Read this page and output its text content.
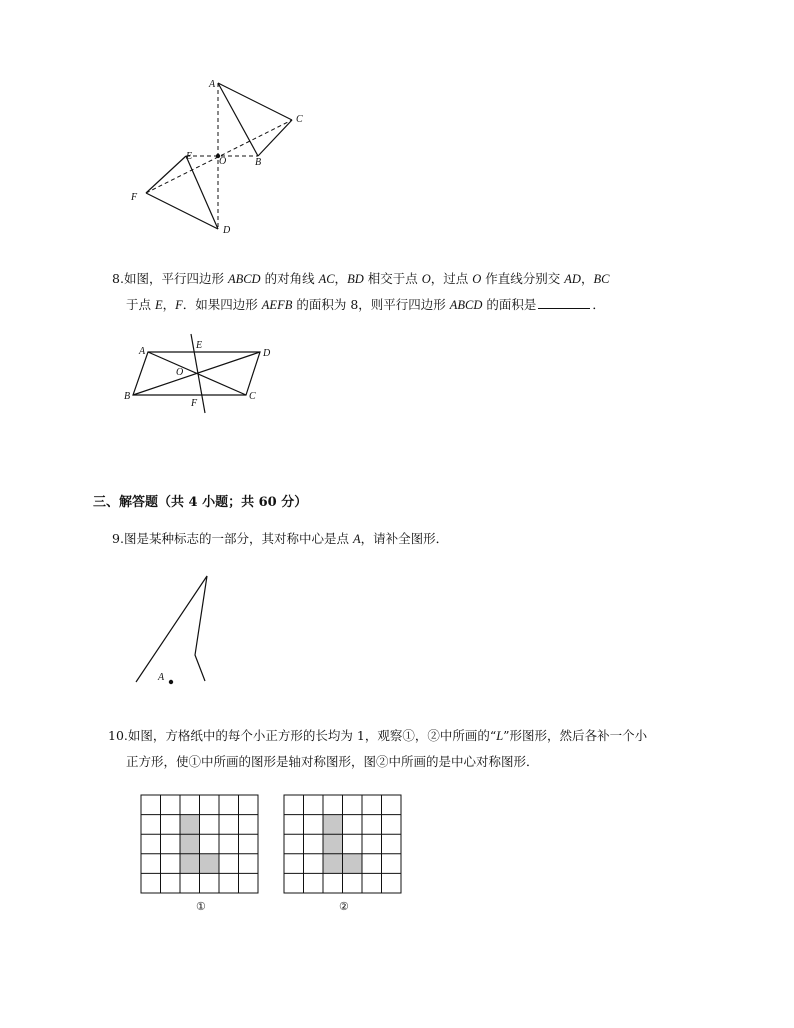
A
C
E	O	B
F
D
8.如图，平行四边形 ABCD 的对角线 AC，BD 相交于点 O，过点 O 作直线分别交 AD，BC
于点 E，F．如果四边形 AEFB 的面积为 8，则平行四边形 ABCD 的面积是	．
A
E
D
O
B	C
F
三、解答题（共 4 小题；共 60 分）
9.图是某种标志的一部分，其对称中心是点 A，请补全图形．
A
10.如图，方格纸中的每个小正方形的长均为 1，观察①，②中所画的“L”形图形，然后各补一个小
正方形，使①中所画的图形是轴对称图形，图②中所画的是中心对称图形．
①	②
